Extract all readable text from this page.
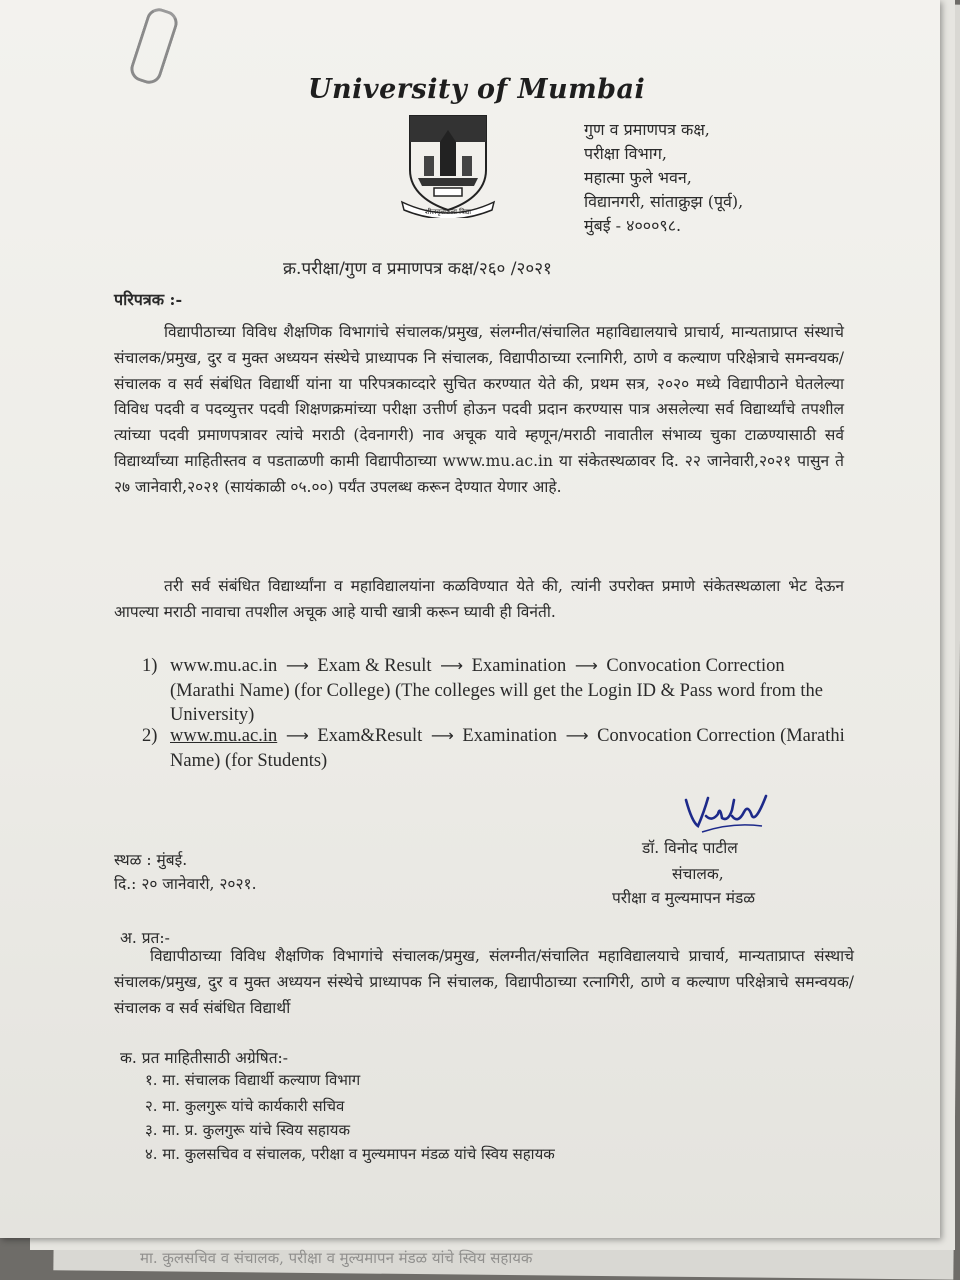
मा. कुलसचिव व संचालक, परीक्षा व मुल्यमापन मंडळ यांचे स्विय सहायक
University of Mumbai
शीलवृत्तफला विद्या
गुण व प्रमाणपत्र कक्ष,
परीक्षा विभाग,
महात्मा फुले भवन,
विद्यानगरी, सांताक्रुझ (पूर्व),
मुंबई - ४०००९८.
क्र.परीक्षा/गुण व प्रमाणपत्र कक्ष/२६० /२०२१
परिपत्रक :-
विद्यापीठाच्या विविध शैक्षणिक विभागांचे संचालक/प्रमुख, संलग्नीत/संचालित महाविद्यालयाचे प्राचार्य, मान्यताप्राप्त संस्थाचे संचालक/प्रमुख, दुर व मुक्त अध्ययन संस्थेचे प्राध्यापक नि संचालक, विद्यापीठाच्या रत्नागिरी, ठाणे व कल्याण परिक्षेत्राचे समन्वयक/संचालक व सर्व संबंधित विद्यार्थी यांना या परिपत्रकाव्दारे सुचित करण्यात येते की, प्रथम सत्र, २०२० मध्ये विद्यापीठाने घेतलेल्या विविध पदवी व पदव्युत्तर पदवी शिक्षणक्रमांच्या परीक्षा उत्तीर्ण होऊन पदवी प्रदान करण्यास पात्र असलेल्या सर्व विद्यार्थ्यांचे तपशील त्यांच्या पदवी प्रमाणपत्रावर त्यांचे मराठी (देवनागरी) नाव अचूक यावे म्हणून/मराठी नावातील संभाव्य चुका टाळण्यासाठी सर्व विद्यार्थ्यांच्या माहितीस्तव व पडताळणी कामी विद्यापीठाच्या www.mu.ac.in या संकेतस्थळावर दि. २२ जानेवारी,२०२१ पासुन ते २७ जानेवारी,२०२१ (सायंकाळी ०५.००) पर्यंत उपलब्ध करून देण्यात येणार आहे.
तरी सर्व संबंधित विद्यार्थ्यांना व महाविद्यालयांना कळविण्यात येते की, त्यांनी उपरोक्त प्रमाणे संकेतस्थळाला भेट देऊन आपल्या मराठी नावाचा तपशील अचूक आहे याची खात्री करून घ्यावी ही विनंती.
1) www.mu.ac.in ⟶ Exam & Result ⟶ Examination ⟶ Convocation Correction (Marathi Name) (for College) (The colleges will get the Login ID & Pass word from the University)
2) www.mu.ac.in ⟶ Exam&Result ⟶ Examination ⟶ Convocation Correction (Marathi Name) (for Students)
डॉ. विनोद पाटील
संचालक,
परीक्षा व मुल्यमापन मंडळ
स्थळ : मुंबई.
दि.: २० जानेवारी, २०२१.
अ. प्रत:-
विद्यापीठाच्या विविध शैक्षणिक विभागांचे संचालक/प्रमुख, संलग्नीत/संचालित महाविद्यालयाचे प्राचार्य, मान्यताप्राप्त संस्थाचे संचालक/प्रमुख, दुर व मुक्त अध्ययन संस्थेचे प्राध्यापक नि संचालक, विद्यापीठाच्या रत्नागिरी, ठाणे व कल्याण परिक्षेत्राचे समन्वयक/संचालक व सर्व संबंधित विद्यार्थी
क. प्रत माहितीसाठी अग्रेषित:-
१. मा. संचालक विद्यार्थी कल्याण विभाग
२. मा. कुलगुरू यांचे कार्यकारी सचिव
३. मा. प्र. कुलगुरू यांचे स्विय सहायक
४. मा. कुलसचिव व संचालक, परीक्षा व मुल्यमापन मंडळ यांचे स्विय सहायक
